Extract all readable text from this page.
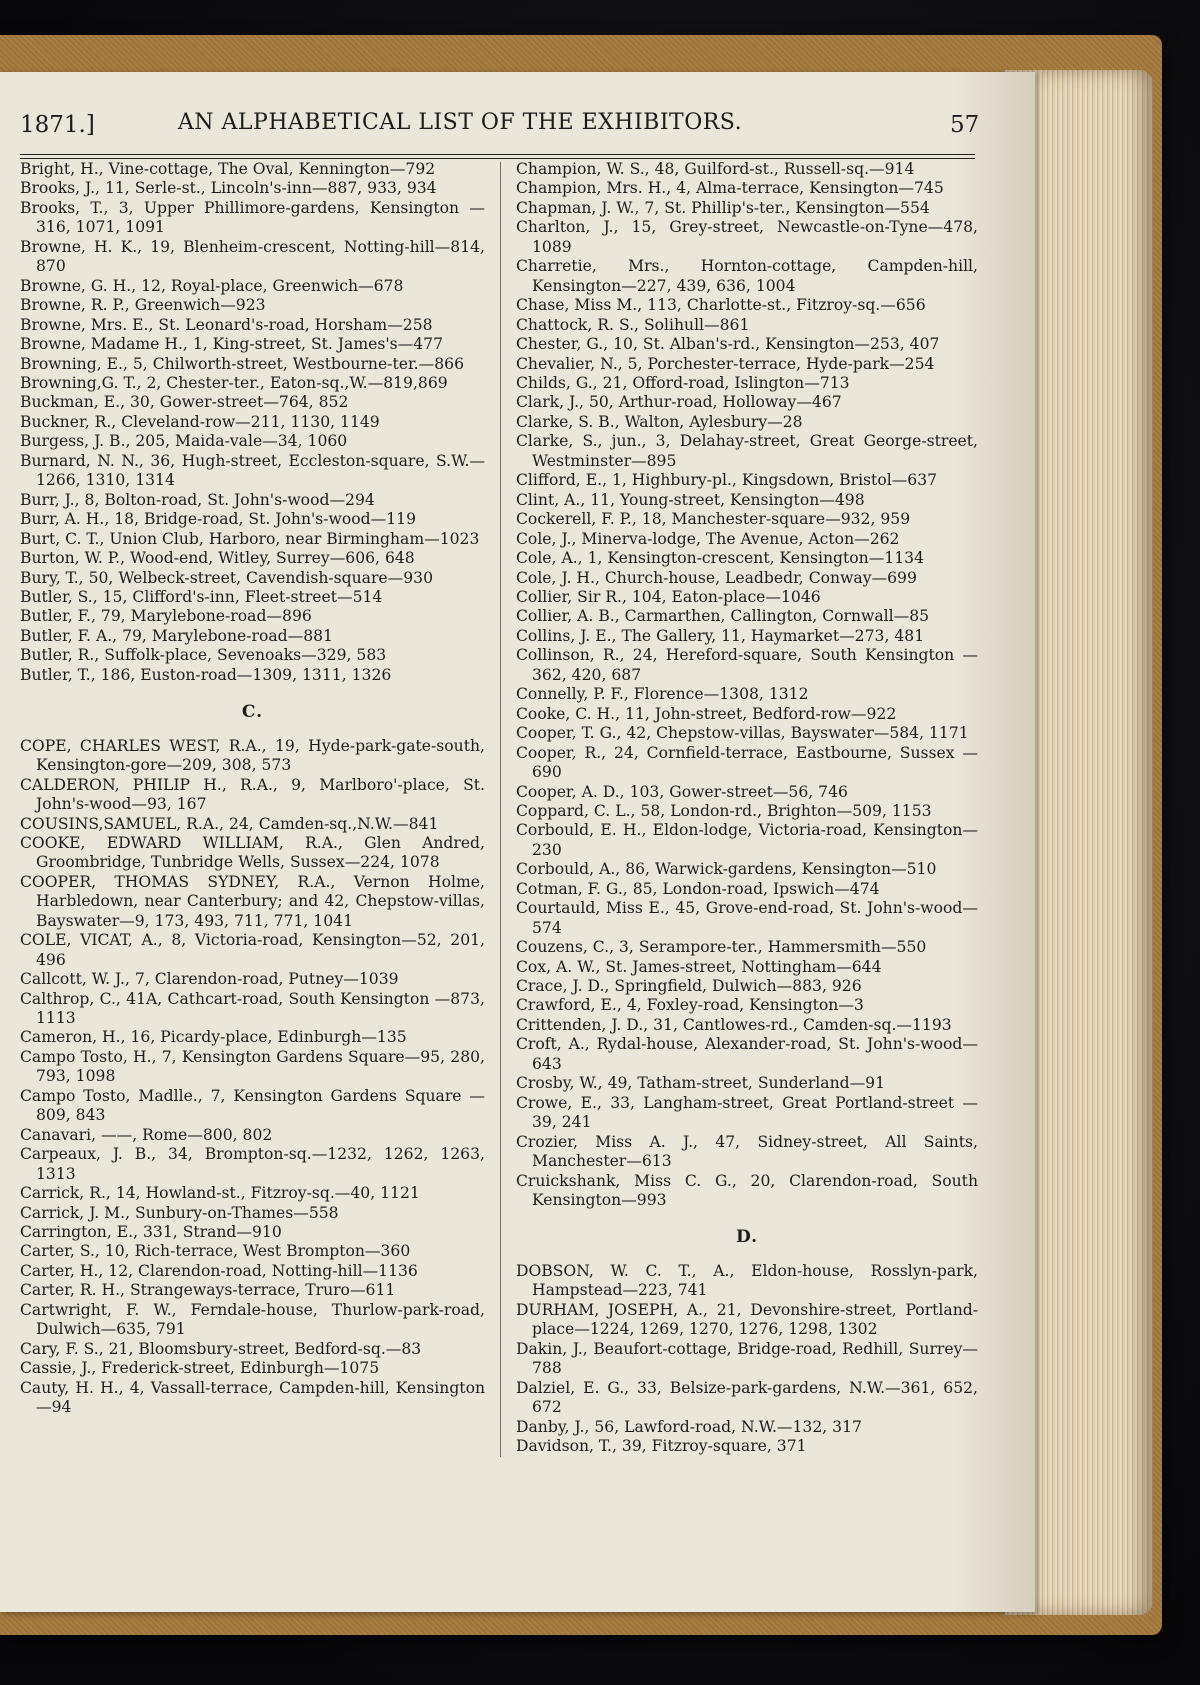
1871.]	AN ALPHABETICAL LIST OF THE EXHIBITORS.	57

Bright, H., Vine-cottage, The Oval, Kennington—792

Brooks, J., 11, Serle-st., Lincoln's-inn—887, 933, 934

Brooks, T., 3, Upper Phillimore-gardens, Kensington —316, 1071, 1091

Browne, H. K., 19, Blenheim-crescent, Notting-hill—814, 870

Browne, G. H., 12, Royal-place, Greenwich—678

Browne, R. P., Greenwich—923

Browne, Mrs. E., St. Leonard's-road, Horsham—258

Browne, Madame H., 1, King-street, St. James's—477

Browning, E., 5, Chilworth-street, Westbourne-ter.—866

Browning,G. T., 2, Chester-ter., Eaton-sq.,W.—819,869

Buckman, E., 30, Gower-street—764, 852

Buckner, R., Cleveland-row—211, 1130, 1149

Burgess, J. B., 205, Maida-vale—34, 1060

Burnard, N. N., 36, Hugh-street, Eccleston-square, S.W.—1266, 1310, 1314

Burr, J., 8, Bolton-road, St. John's-wood—294

Burr, A. H., 18, Bridge-road, St. John's-wood—119

Burt, C. T., Union Club, Harboro, near Birmingham—1023

Burton, W. P., Wood-end, Witley, Surrey—606, 648

Bury, T., 50, Welbeck-street, Cavendish-square—930

Butler, S., 15, Clifford's-inn, Fleet-street—514

Butler, F., 79, Marylebone-road—896

Butler, F. A., 79, Marylebone-road—881

Butler, R., Suffolk-place, Sevenoaks—329, 583

Butler, T., 186, Euston-road—1309, 1311, 1326

C.

COPE, CHARLES WEST, R.A., 19, Hyde-park-gate-south, Kensington-gore—209, 308, 573

CALDERON, PHILIP H., R.A., 9, Marlboro'-place, St. John's-wood—93, 167

COUSINS,SAMUEL, R.A., 24, Camden-sq.,N.W.—841

COOKE, EDWARD WILLIAM, R.A., Glen Andred, Groombridge, Tunbridge Wells, Sussex—224, 1078

COOPER, THOMAS SYDNEY, R.A., Vernon Holme, Harbledown, near Canterbury; and 42, Chepstow-villas, Bayswater—9, 173, 493, 711, 771, 1041

COLE, VICAT, A., 8, Victoria-road, Kensington—52, 201, 496

Callcott, W. J., 7, Clarendon-road, Putney—1039

Calthrop, C., 41A, Cathcart-road, South Kensington —873, 1113

Cameron, H., 16, Picardy-place, Edinburgh—135

Campo Tosto, H., 7, Kensington Gardens Square—95, 280, 793, 1098

Campo Tosto, Madlle., 7, Kensington Gardens Square —809, 843

Canavari, ——, Rome—800, 802

Carpeaux, J. B., 34, Brompton-sq.—1232, 1262, 1263, 1313

Carrick, R., 14, Howland-st., Fitzroy-sq.—40, 1121

Carrick, J. M., Sunbury-on-Thames—558

Carrington, E., 331, Strand—910

Carter, S., 10, Rich-terrace, West Brompton—360

Carter, H., 12, Clarendon-road, Notting-hill—1136

Carter, R. H., Strangeways-terrace, Truro—611

Cartwright, F. W., Ferndale-house, Thurlow-park-road, Dulwich—635, 791

Cary, F. S., 21, Bloomsbury-street, Bedford-sq.—83

Cassie, J., Frederick-street, Edinburgh—1075

Cauty, H. H., 4, Vassall-terrace, Campden-hill, Kensington—94

Champion, W. S., 48, Guilford-st., Russell-sq.—914

Champion, Mrs. H., 4, Alma-terrace, Kensington—745

Chapman, J. W., 7, St. Phillip's-ter., Kensington—554

Charlton, J., 15, Grey-street, Newcastle-on-Tyne—478, 1089

Charretie, Mrs., Hornton-cottage, Campden-hill, Kensington—227, 439, 636, 1004

Chase, Miss M., 113, Charlotte-st., Fitzroy-sq.—656

Chattock, R. S., Solihull—861

Chester, G., 10, St. Alban's-rd., Kensington—253, 407

Chevalier, N., 5, Porchester-terrace, Hyde-park—254

Childs, G., 21, Offord-road, Islington—713

Clark, J., 50, Arthur-road, Holloway—467

Clarke, S. B., Walton, Aylesbury—28

Clarke, S., jun., 3, Delahay-street, Great George-street, Westminster—895

Clifford, E., 1, Highbury-pl., Kingsdown, Bristol—637

Clint, A., 11, Young-street, Kensington—498

Cockerell, F. P., 18, Manchester-square—932, 959

Cole, J., Minerva-lodge, The Avenue, Acton—262

Cole, A., 1, Kensington-crescent, Kensington—1134

Cole, J. H., Church-house, Leadbedr, Conway—699

Collier, Sir R., 104, Eaton-place—1046

Collier, A. B., Carmarthen, Callington, Cornwall—85

Collins, J. E., The Gallery, 11, Haymarket—273, 481

Collinson, R., 24, Hereford-square, South Kensington —362, 420, 687

Connelly, P. F., Florence—1308, 1312

Cooke, C. H., 11, John-street, Bedford-row—922

Cooper, T. G., 42, Chepstow-villas, Bayswater—584, 1171

Cooper, R., 24, Cornfield-terrace, Eastbourne, Sussex —690

Cooper, A. D., 103, Gower-street—56, 746

Coppard, C. L., 58, London-rd., Brighton—509, 1153

Corbould, E. H., Eldon-lodge, Victoria-road, Kensington—230

Corbould, A., 86, Warwick-gardens, Kensington—510

Cotman, F. G., 85, London-road, Ipswich—474

Courtauld, Miss E., 45, Grove-end-road, St. John's-wood—574

Couzens, C., 3, Serampore-ter., Hammersmith—550

Cox, A. W., St. James-street, Nottingham—644

Crace, J. D., Springfield, Dulwich—883, 926

Crawford, E., 4, Foxley-road, Kensington—3

Crittenden, J. D., 31, Cantlowes-rd., Camden-sq.—1193

Croft, A., Rydal-house, Alexander-road, St. John's-wood—643

Crosby, W., 49, Tatham-street, Sunderland—91

Crowe, E., 33, Langham-street, Great Portland-street —39, 241

Crozier, Miss A. J., 47, Sidney-street, All Saints, Manchester—613

Cruickshank, Miss C. G., 20, Clarendon-road, South Kensington—993

D.

DOBSON, W. C. T., A., Eldon-house, Rosslyn-park, Hampstead—223, 741

DURHAM, JOSEPH, A., 21, Devonshire-street, Portland-place—1224, 1269, 1270, 1276, 1298, 1302

Dakin, J., Beaufort-cottage, Bridge-road, Redhill, Surrey—788

Dalziel, E. G., 33, Belsize-park-gardens, N.W.—361, 652, 672

Danby, J., 56, Lawford-road, N.W.—132, 317

Davidson, T., 39, Fitzroy-square, 371
